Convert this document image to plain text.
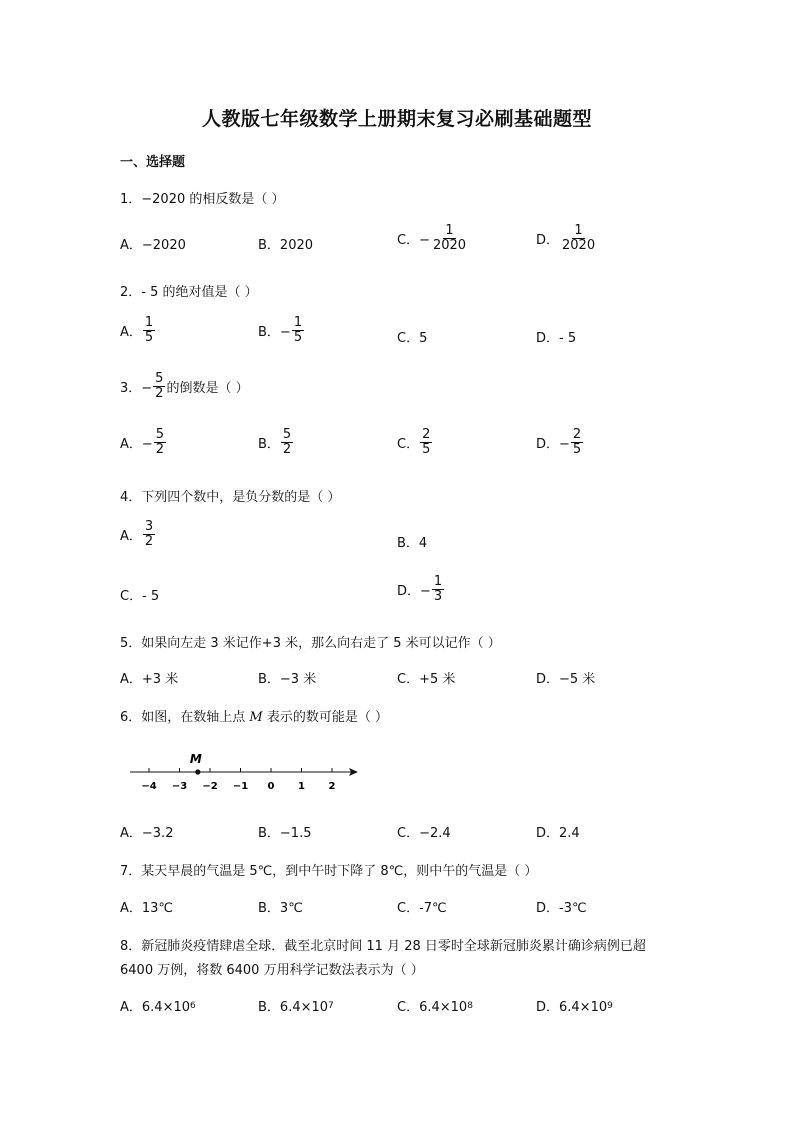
人教版七年级数学上册期末复习必刷基础题型
一、选择题
1．−2020 的相反数是（ ）
A．−2020	B．2020	C．− $\frac{1}{2020}$	D． $\frac{1}{2020}$
2．- 5 的绝对值是（ ）
A． $\frac{1}{5}$	B．− $\frac{1}{5}$	C．5	D．- 5
3．− $\frac{5}{2}$ 的倒数是（ ）
A．− $\frac{5}{2}$	B． $\frac{5}{2}$	C． $\frac{2}{5}$	D．− $\frac{2}{5}$
4．下列四个数中，是负分数的是（ ）
A． $\frac{3}{2}$	B．4
C．- 5	D．− $\frac{1}{3}$
5．如果向左走 3 米记作+3 米，那么向右走了 5 米可以记作（ ）
A．+3 米	B．−3 米	C．+5 米	D．−5 米
6．如图，在数轴上点 M 表示的数可能是（ ）
−4 −3 −2 −1 0 1 2
M
A．−3.2	B．−1.5	C．−2.4	D．2.4
7．某天早晨的气温是 5℃，到中午时下降了 8℃，则中午的气温是（ ）
A．13℃	B．3℃	C．-7℃	D．-3℃
8．新冠肺炎疫情肆虐全球．截至北京时间 11 月 28 日零时全球新冠肺炎累计确诊病例已超
6400 万例，将数 6400 万用科学记数法表示为（ ）
A．6.4×10 6	B．6.4×10 7	C．6.4×10 8	D．6.4×10 9
